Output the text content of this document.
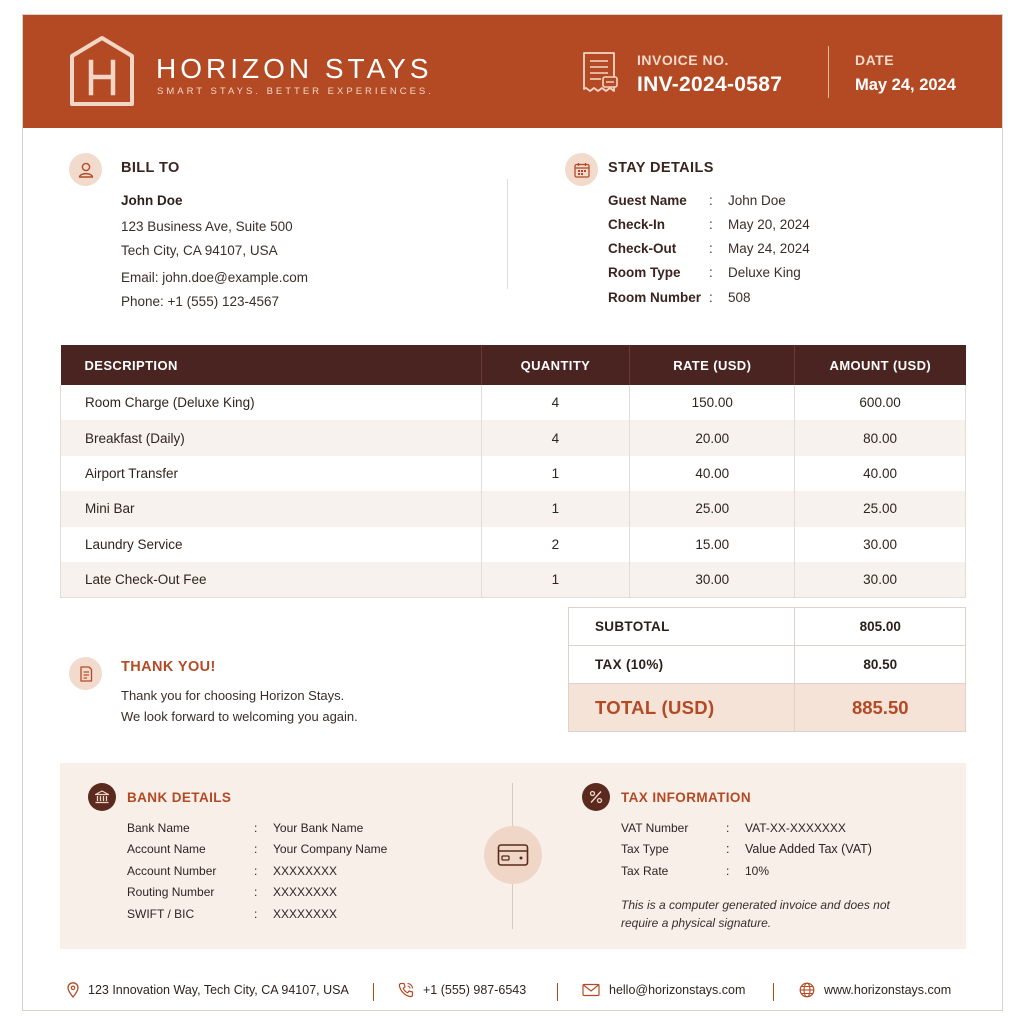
HORIZON STAYS
SMART STAYS. BETTER EXPERIENCES.
INVOICE NO.
INV-2024-0587
DATE
May 24, 2024
BILL TO
John Doe
123 Business Ave, Suite 500
Tech City, CA 94107, USA
Email: john.doe@example.com
Phone: +1 (555) 123-4567
STAY DETAILS
Guest Name : John Doe
Check-In	: May 20, 2024
Check-Out : May 24, 2024
Room Type : Deluxe King
Room Number : 508
DESCRIPTION	QUANTITY	RATE (USD)	AMOUNT (USD)
Room Charge (Deluxe King)	4	150.00	600.00
Breakfast (Daily)	4	20.00	80.00
Airport Transfer	1	40.00	40.00
Mini Bar	1	25.00	25.00
Laundry Service	2	15.00	30.00
Late Check-Out Fee	1	30.00	30.00
SUBTOTAL	805.00
TAX (10%)	80.50
TOTAL (USD)	885.50
THANK YOU!
Thank you for choosing Horizon Stays.
We look forward to welcoming you again.
BANK DETAILS
Bank Name	: Your Bank Name
Account Name	: Your Company Name
Account Number	: XXXXXXXX
Routing Number	: XXXXXXXX
SWIFT / BIC	: XXXXXXXX
TAX INFORMATION
VAT Number	: VAT-XX-XXXXXXX
Tax Type	: Value Added Tax (VAT)
Tax Rate	: 10%
This is a computer generated invoice and does not require a physical signature.
123 Innovation Way, Tech City, CA 94107, USA	+1 (555) 987-6543	hello@horizonstays.com	www.horizonstays.com
